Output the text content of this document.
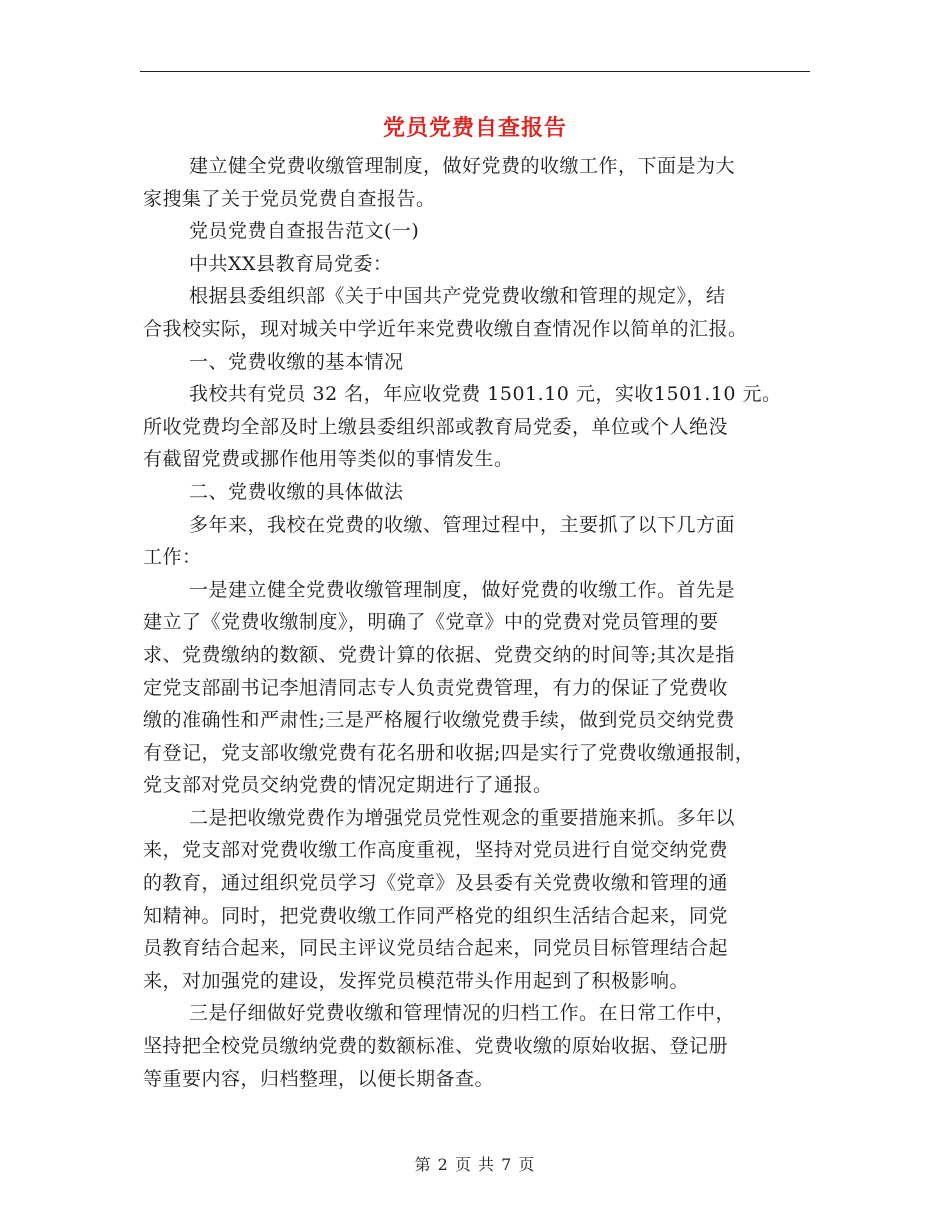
党员党费自查报告
建立健全党费收缴管理制度，做好党费的收缴工作，下面是为大
家搜集了关于党员党费自查报告。
党员党费自查报告范文(一)
中共XX县教育局党委：
根据县委组织部《关于中国共产党党费收缴和管理的规定》，结
合我校实际，现对城关中学近年来党费收缴自查情况作以简单的汇报。
一、党费收缴的基本情况
我校共有党员 32 名，年应收党费 1501.10 元，实收1501.10 元。
所收党费均全部及时上缴县委组织部或教育局党委，单位或个人绝没
有截留党费或挪作他用等类似的事情发生。
二、党费收缴的具体做法
多年来，我校在党费的收缴、管理过程中，主要抓了以下几方面
工作：
一是建立健全党费收缴管理制度，做好党费的收缴工作。首先是
建立了《党费收缴制度》，明确了《党章》中的党费对党员管理的要
求、党费缴纳的数额、党费计算的依据、党费交纳的时间等;其次是指
定党支部副书记李旭清同志专人负责党费管理，有力的保证了党费收
缴的准确性和严肃性;三是严格履行收缴党费手续，做到党员交纳党费
有登记，党支部收缴党费有花名册和收据;四是实行了党费收缴通报制，
党支部对党员交纳党费的情况定期进行了通报。
二是把收缴党费作为增强党员党性观念的重要措施来抓。多年以
来，党支部对党费收缴工作高度重视，坚持对党员进行自觉交纳党费
的教育，通过组织党员学习《党章》及县委有关党费收缴和管理的通
知精神。同时，把党费收缴工作同严格党的组织生活结合起来，同党
员教育结合起来，同民主评议党员结合起来，同党员目标管理结合起
来，对加强党的建设，发挥党员模范带头作用起到了积极影响。
三是仔细做好党费收缴和管理情况的归档工作。在日常工作中，
坚持把全校党员缴纳党费的数额标准、党费收缴的原始收据、登记册
等重要内容，归档整理，以便长期备查。
第 2 页 共 7 页
